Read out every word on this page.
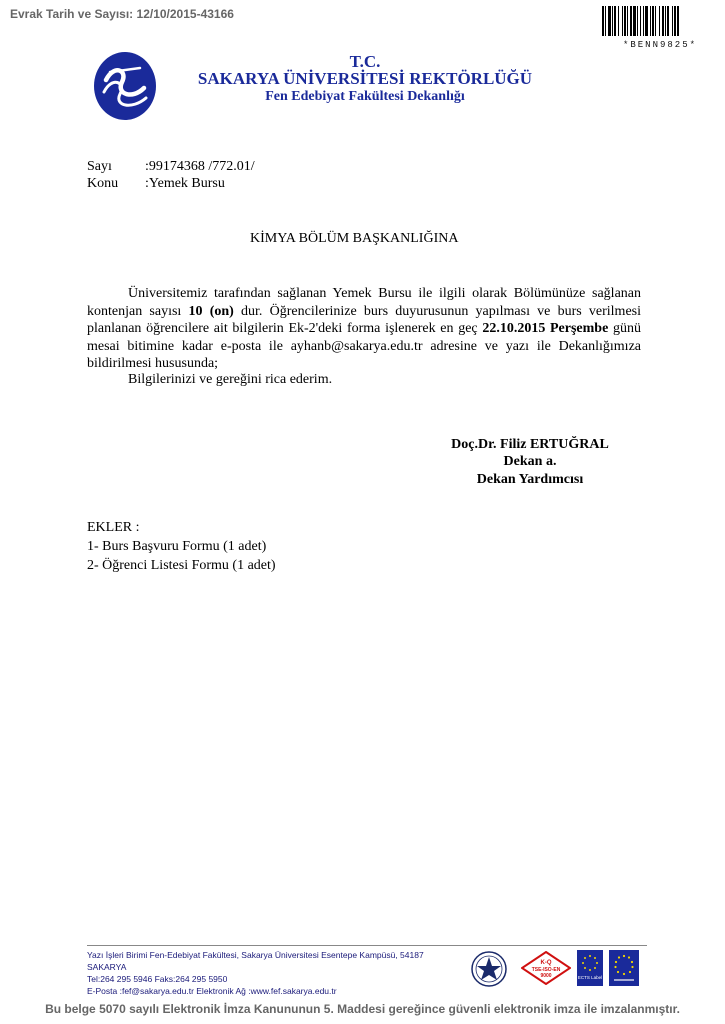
Evrak Tarih ve Sayısı: 12/10/2015-43166
*BENN9825*
T.C.
SAKARYA ÜNİVERSİTESİ REKTÖRLÜĞÜ
Fen Edebiyat Fakültesi Dekanlığı
Sayı :99174368 /772.01/
Konu :Yemek Bursu
KİMYA BÖLÜM BAŞKANLIĞINA

Üniversitemiz tarafından sağlanan Yemek Bursu ile ilgili olarak Bölümünüze sağlanan kontenjan sayısı 10 (on) dur. Öğrencilerinize burs duyurusunun yapılması ve burs verilmesi planlanan öğrencilere ait bilgilerin Ek-2'deki forma işlenerek en geç 22.10.2015 Perşembe günü mesai bitimine kadar e-posta ile ayhanb@sakarya.edu.tr adresine ve yazı ile Dekanlığımıza bildirilmesi hususunda;

Bilgilerinizi ve gereğini rica ederim.
Doç.Dr. Filiz ERTUĞRAL
Dekan a.
Dekan Yardımcısı
EKLER :
1- Burs Başvuru Formu (1 adet)
2- Öğrenci Listesi Formu (1 adet)
Yazı İşleri Birimi Fen-Edebiyat Fakültesi, Sakarya Üniversitesi Esentepe Kampüsü, 54187
SAKARYA
Tel:264 295 5946 Faks:264 295 5950
E-Posta :fef@sakarya.edu.tr Elektronik Ağ :www.fef.sakarya.edu.tr
K-Q
TSE-ISO-EN
9000	ECTS Label
Bu belge 5070 sayılı Elektronik İmza Kanununun 5. Maddesi gereğince güvenli elektronik imza ile imzalanmıştır.
